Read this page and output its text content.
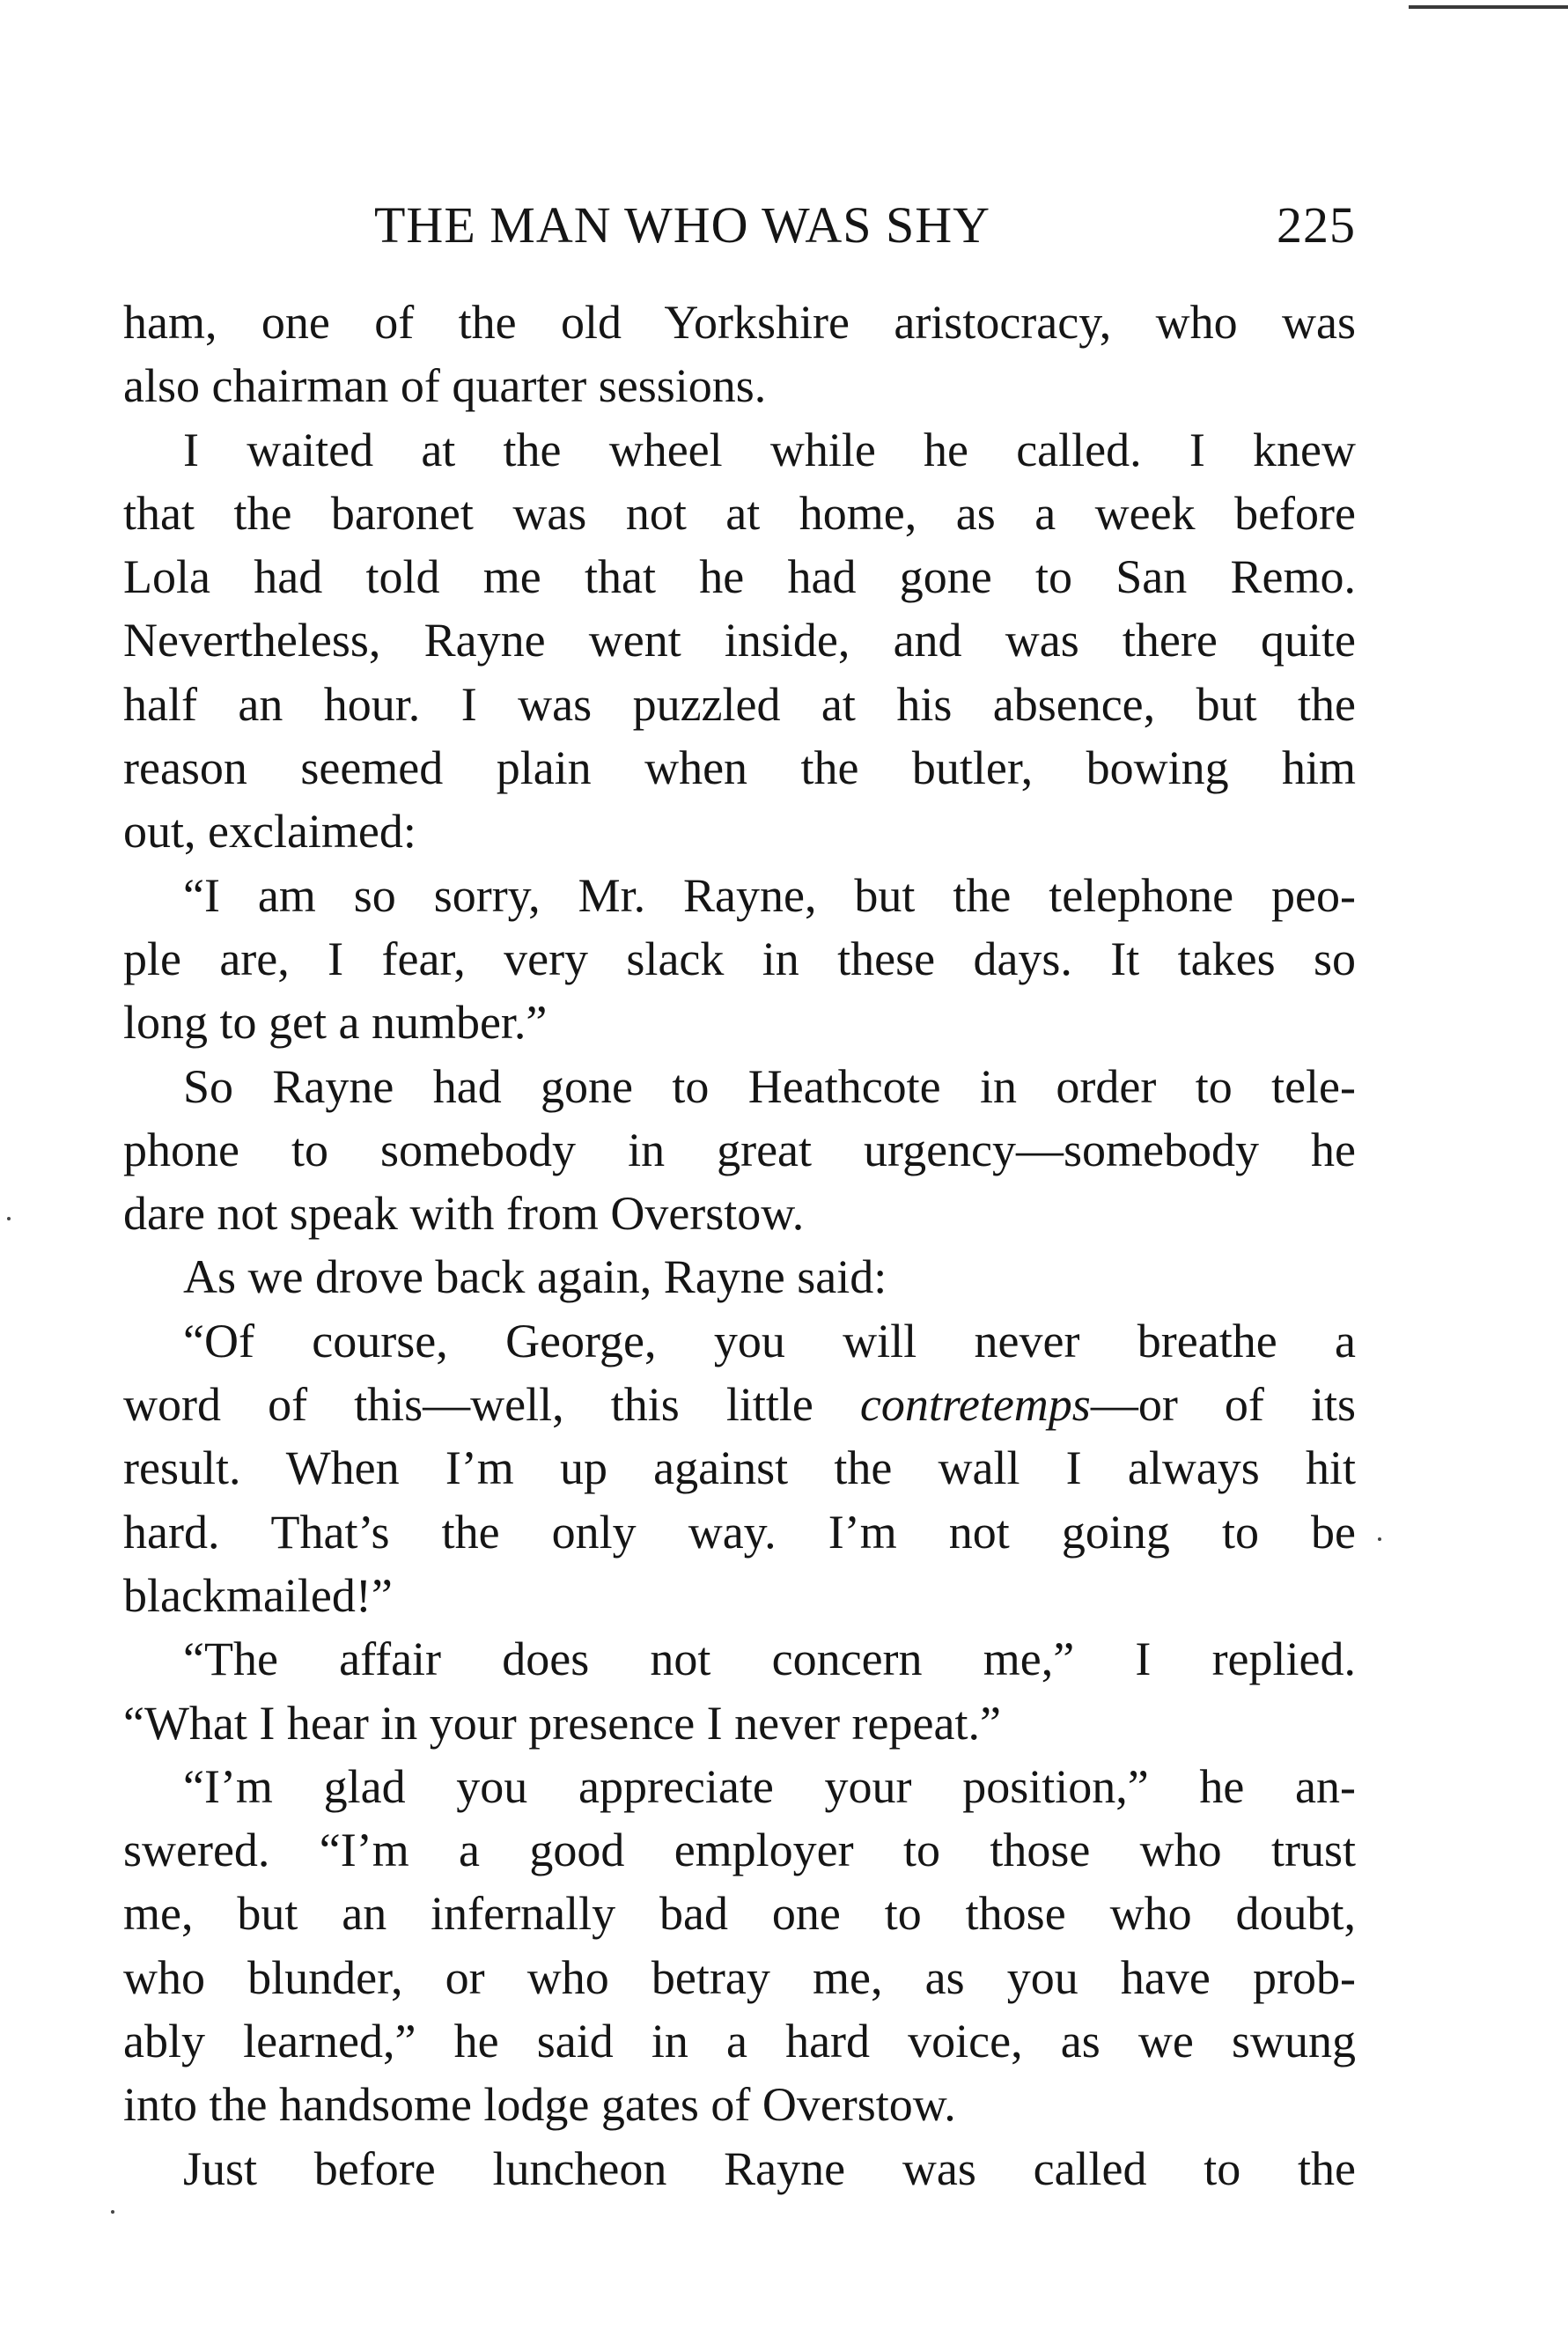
THE MAN WHO WAS SHY	225
ham, one of the old Yorkshire aristocracy, who was
also chairman of quarter sessions.
I waited at the wheel while he called. I knew
that the baronet was not at home, as a week before
Lola had told me that he had gone to San Remo.
Nevertheless, Rayne went inside, and was there quite
half an hour. I was puzzled at his absence, but the
reason seemed plain when the butler, bowing him
out, exclaimed:
“I am so sorry, Mr. Rayne, but the telephone peo-
ple are, I fear, very slack in these days. It takes so
long to get a number.”
So Rayne had gone to Heathcote in order to tele-
phone to somebody in great urgency—somebody he
dare not speak with from Overstow.
As we drove back again, Rayne said:
“Of course, George, you will never breathe a
word of this—well, this little contretemps—or of its
result. When I’m up against the wall I always hit
hard. That’s the only way. I’m not going to be
blackmailed!”
“The affair does not concern me,” I replied.
“What I hear in your presence I never repeat.”
“I’m glad you appreciate your position,” he an-
swered. “I’m a good employer to those who trust
me, but an infernally bad one to those who doubt,
who blunder, or who betray me, as you have prob-
ably learned,” he said in a hard voice, as we swung
into the handsome lodge gates of Overstow.
Just before luncheon Rayne was called to the
